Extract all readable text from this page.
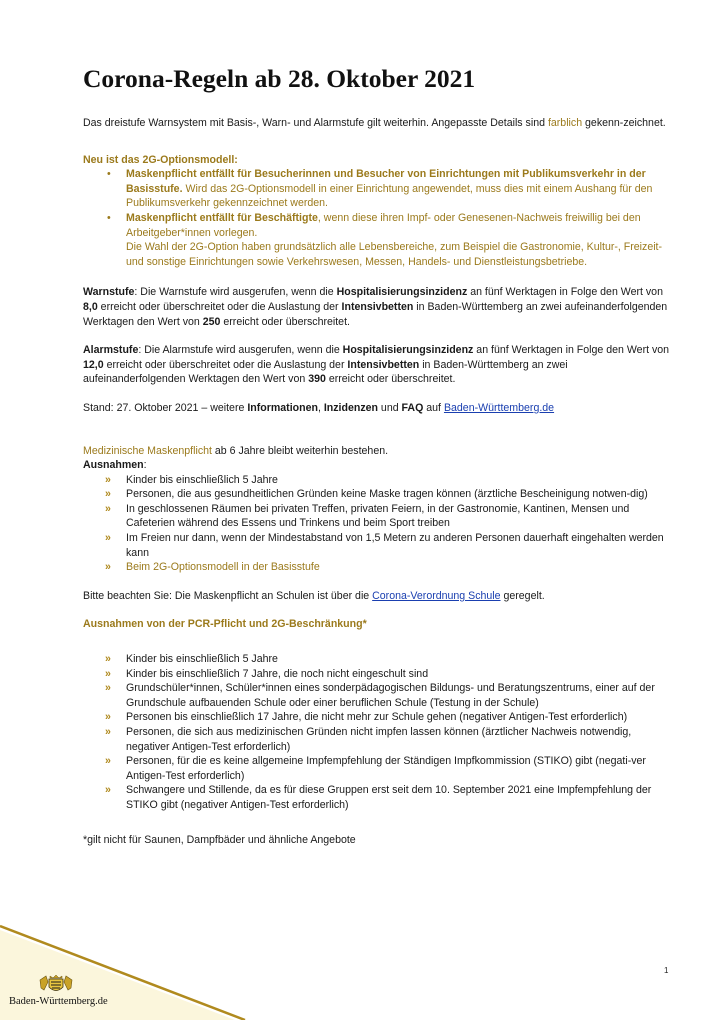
Corona-Regeln ab 28. Oktober 2021

Das dreistufe Warnsystem mit Basis-, Warn- und Alarmstufe gilt weiterhin. Angepasste Details sind farblich gekenn-zeichnet.

Neu ist das 2G-Optionsmodell:

• Maskenpflicht entfällt für Besucherinnen und Besucher von Einrichtungen mit Publikumsverkehr in der Basisstufe. Wird das 2G-Optionsmodell in einer Einrichtung angewendet, muss dies mit einem Aushang für den Publikumsverkehr gekennzeichnet werden.
• Maskenpflicht entfällt für Beschäftigte, wenn diese ihren Impf- oder Genesenen-Nachweis freiwillig bei den Arbeitgeber*innen vorlegen.
Die Wahl der 2G-Option haben grundsätzlich alle Lebensbereiche, zum Beispiel die Gastronomie, Kultur-, Freizeit- und sonstige Einrichtungen sowie Verkehrswesen, Messen, Handels- und Dienstleistungsbetriebe.

Warnstufe: Die Warnstufe wird ausgerufen, wenn die Hospitalisierungsinzidenz an fünf Werktagen in Folge den Wert von 8,0 erreicht oder überschreitet oder die Auslastung der Intensivbetten in Baden-Württemberg an zwei aufeinanderfolgenden Werktagen den Wert von 250 erreicht oder überschreitet.

Alarmstufe: Die Alarmstufe wird ausgerufen, wenn die Hospitalisierungsinzidenz an fünf Werktagen in Folge den Wert von 12,0 erreicht oder überschreitet oder die Auslastung der Intensivbetten in Baden-Württemberg an zwei aufeinanderfolgenden Werktagen den Wert von 390 erreicht oder überschreitet.

Stand: 27. Oktober 2021 – weitere Informationen, Inzidenzen und FAQ auf Baden-Württemberg.de

Medizinische Maskenpflicht ab 6 Jahre bleibt weiterhin bestehen.

Ausnahmen:

» Kinder bis einschließlich 5 Jahre
» Personen, die aus gesundheitlichen Gründen keine Maske tragen können (ärztliche Bescheinigung notwen-dig)
» In geschlossenen Räumen bei privaten Treffen, privaten Feiern, in der Gastronomie, Kantinen, Mensen und Cafeterien während des Essens und Trinkens und beim Sport treiben
» Im Freien nur dann, wenn der Mindestabstand von 1,5 Metern zu anderen Personen dauerhaft eingehalten werden kann
» Beim 2G-Optionsmodell in der Basisstufe

Bitte beachten Sie: Die Maskenpflicht an Schulen ist über die Corona-Verordnung Schule geregelt.

Ausnahmen von der PCR-Pflicht und 2G-Beschränkung*

» Kinder bis einschließlich 5 Jahre
» Kinder bis einschließlich 7 Jahre, die noch nicht eingeschult sind
» Grundschüler*innen, Schüler*innen eines sonderpädagogischen Bildungs- und Beratungszentrums, einer auf der Grundschule aufbauenden Schule oder einer beruflichen Schule (Testung in der Schule)
» Personen bis einschließlich 17 Jahre, die nicht mehr zur Schule gehen (negativer Antigen-Test erforderlich)
» Personen, die sich aus medizinischen Gründen nicht impfen lassen können (ärztlicher Nachweis notwendig, negativer Antigen-Test erforderlich)
» Personen, für die es keine allgemeine Impfempfehlung der Ständigen Impfkommission (STIKO) gibt (negati-ver Antigen-Test erforderlich)
» Schwangere und Stillende, da es für diese Gruppen erst seit dem 10. September 2021 eine Impfempfehlung der STIKO gibt (negativer Antigen-Test erforderlich)

*gilt nicht für Saunen, Dampfbäder und ähnliche Angebote

1
Baden-Württemberg.de
